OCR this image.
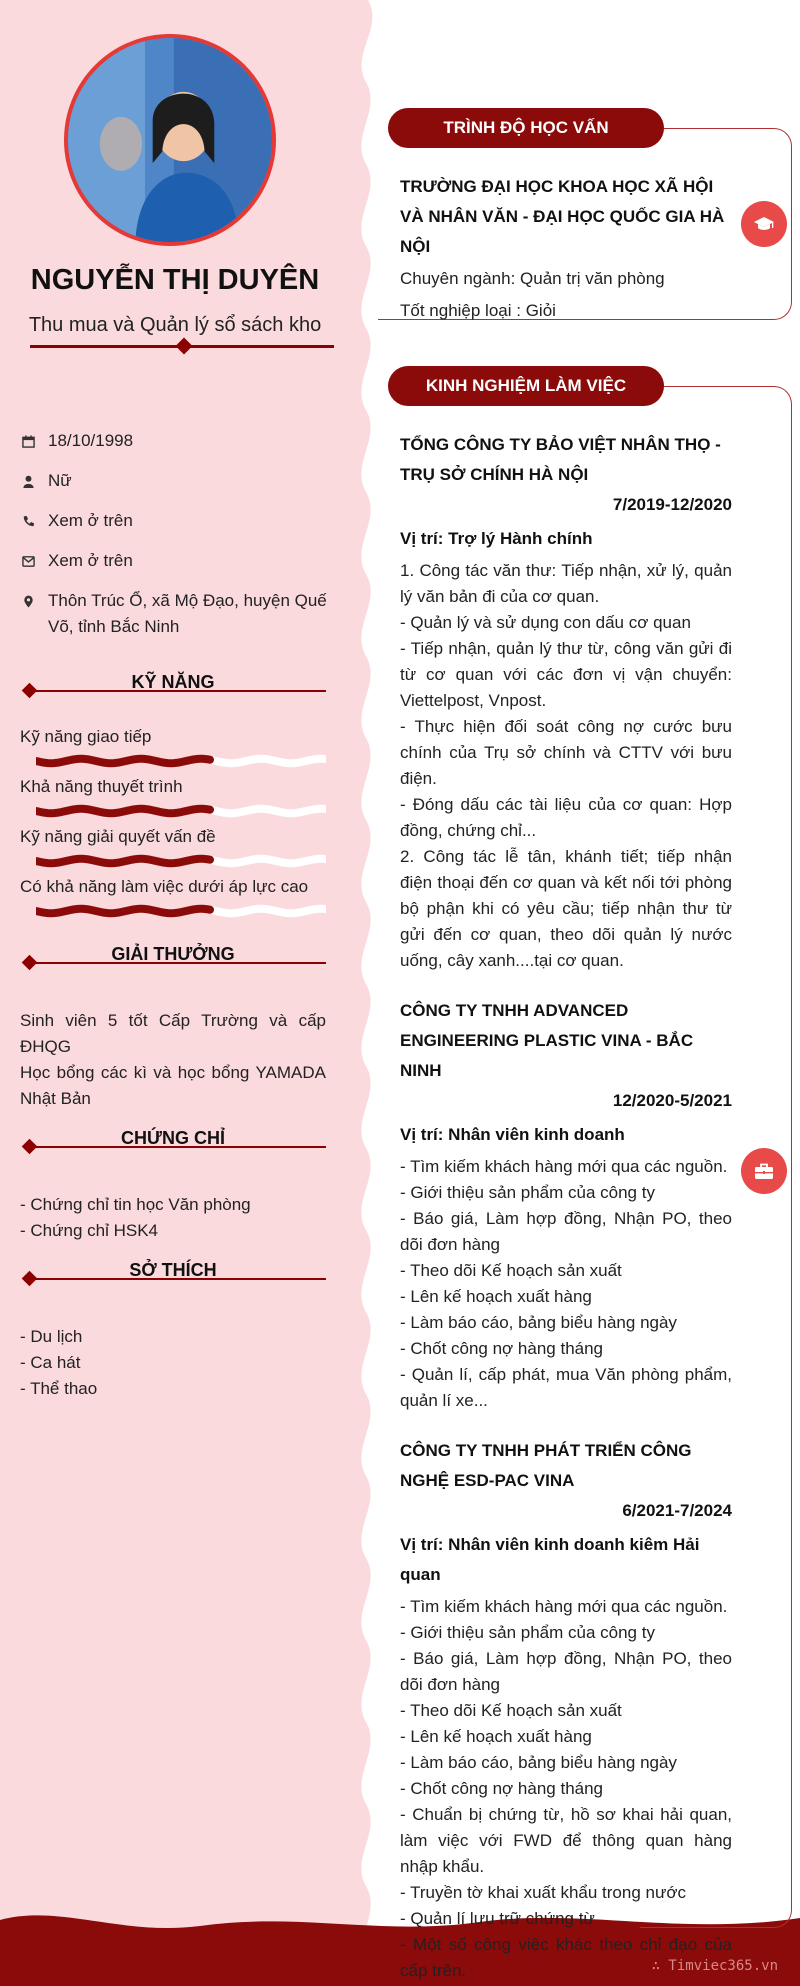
NGUYỄN THỊ DUYÊN
Thu mua và Quản lý sổ sách kho
18/10/1998
Nữ
Xem ở trên
Xem ở trên
Thôn Trúc Ổ, xã Mộ Đạo, huyện Quế Võ, tỉnh Bắc Ninh
KỸ NĂNG
Kỹ năng giao tiếp
Khả năng thuyết trình
Kỹ năng giải quyết vấn đề
Có khả năng làm việc dưới áp lực cao
GIẢI THƯỞNG
Sinh viên 5 tốt Cấp Trường và cấp ĐHQG
Học bổng các kì và học bổng YAMADA Nhật Bản
CHỨNG CHỈ
- Chứng chỉ tin học Văn phòng
- Chứng chỉ HSK4
SỞ THÍCH
- Du lịch
- Ca hát
- Thể thao
TRÌNH ĐỘ HỌC VẤN
TRƯỜNG ĐẠI HỌC KHOA HỌC XÃ HỘI VÀ NHÂN VĂN - ĐẠI HỌC QUỐC GIA HÀ NỘI
Chuyên ngành: Quản trị văn phòng
Tốt nghiệp loại : Giỏi
KINH NGHIỆM LÀM VIỆC
TỔNG CÔNG TY BẢO VIỆT NHÂN THỌ - TRỤ SỞ CHÍNH HÀ NỘI
7/2019-12/2020
Vị trí: Trợ lý Hành chính
1. Công tác văn thư: Tiếp nhận, xử lý, quản lý văn bản đi của cơ quan.
- Quản lý và sử dụng con dấu cơ quan
- Tiếp nhận, quản lý thư từ, công văn gửi đi từ cơ quan với các đơn vị vận chuyển: Viettelpost, Vnpost.
- Thực hiện đối soát công nợ cước bưu chính của Trụ sở chính và CTTV với bưu điện.
- Đóng dấu các tài liệu của cơ quan: Hợp đồng, chứng chỉ...
2. Công tác lễ tân, khánh tiết; tiếp nhận điện thoại đến cơ quan và kết nối tới phòng bộ phận khi có yêu cầu; tiếp nhận thư từ gửi đến cơ quan, theo dõi quản lý nước uống, cây xanh....tại cơ quan.
CÔNG TY TNHH ADVANCED ENGINEERING PLASTIC VINA - BẮC NINH
12/2020-5/2021
Vị trí: Nhân viên kinh doanh
- Tìm kiếm khách hàng mới qua các nguồn.
- Giới thiệu sản phẩm của công ty
- Báo giá, Làm hợp đồng, Nhận PO, theo dõi đơn hàng
- Theo dõi Kế hoạch sản xuất
- Lên kế hoạch xuất hàng
- Làm báo cáo, bảng biểu hàng ngày
- Chốt công nợ hàng tháng
- Quản lí, cấp phát, mua Văn phòng phẩm, quản lí xe...
CÔNG TY TNHH PHÁT TRIỂN CÔNG NGHỆ ESD-PAC VINA
6/2021-7/2024
Vị trí: Nhân viên kinh doanh kiêm Hải quan
- Tìm kiếm khách hàng mới qua các nguồn.
- Giới thiệu sản phẩm của công ty
- Báo giá, Làm hợp đồng, Nhận PO, theo dõi đơn hàng
- Theo dõi Kế hoạch sản xuất
- Lên kế hoạch xuất hàng
- Làm báo cáo, bảng biểu hàng ngày
- Chốt công nợ hàng tháng
- Chuẩn bị chứng từ, hồ sơ khai hải quan, làm việc với FWD để thông quan hàng nhập khẩu.
- Truyền tờ khai xuất khẩu trong nước
- Quản lí lưu trữ chứng từ
- Một số công việc khác theo chỉ đạo của cấp trên.	∴ Timviec365.vn
